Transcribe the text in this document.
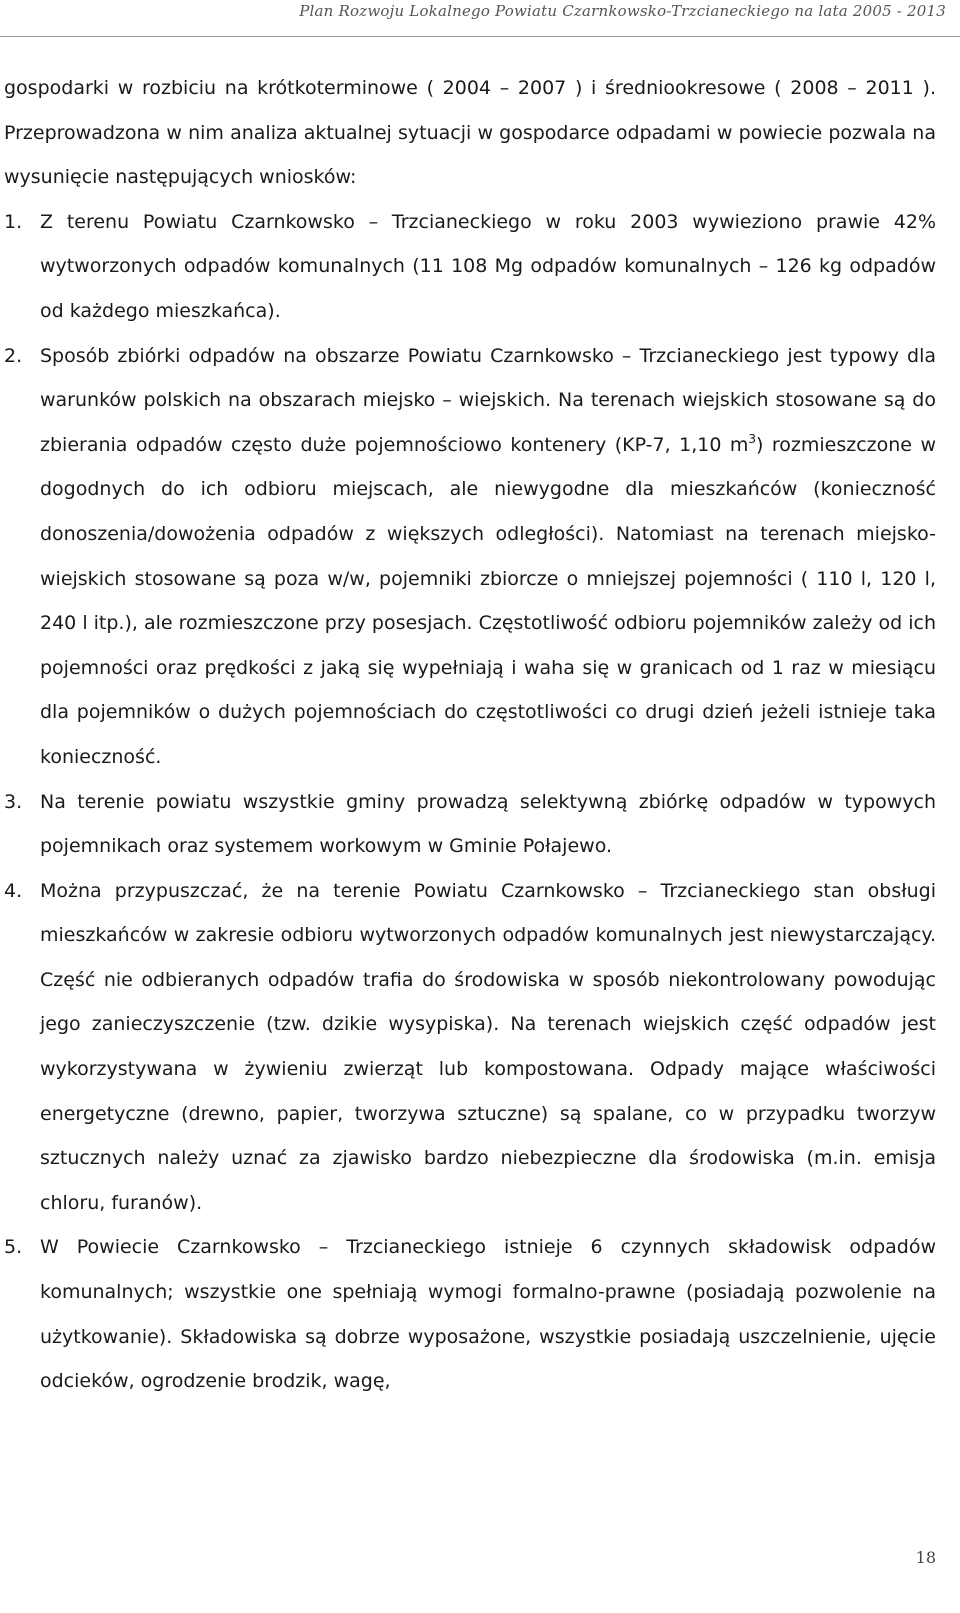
Plan Rozwoju Lokalnego Powiatu Czarnkowsko-Trzcianeckiego na lata 2005 - 2013

gospodarki w rozbiciu na krótkoterminowe ( 2004 – 2007 ) i średniookresowe ( 2008 – 2011 ). Przeprowadzona w nim analiza aktualnej sytuacji w gospodarce odpadami w powiecie pozwala na wysunięcie następujących wniosków:

1. Z terenu Powiatu Czarnkowsko – Trzcianeckiego w roku 2003 wywieziono prawie 42% wytworzonych odpadów komunalnych (11 108 Mg odpadów komunalnych – 126 kg odpadów od każdego mieszkańca).
2. Sposób zbiórki odpadów na obszarze Powiatu Czarnkowsko – Trzcianeckiego jest typowy dla warunków polskich na obszarach miejsko – wiejskich. Na terenach wiejskich stosowane są do zbierania odpadów często duże pojemnościowo kontenery (KP-7, 1,10 $m^3$) rozmieszczone w dogodnych do ich odbioru miejscach, ale niewygodne dla mieszkańców (konieczność donoszenia/dowożenia odpadów z większych odległości). Natomiast na terenach miejsko-wiejskich stosowane są poza w/w, pojemniki zbiorcze o mniejszej pojemności ( 110 l, 120 l, 240 l itp.), ale rozmieszczone przy posesjach. Częstotliwość odbioru pojemników zależy od ich pojemności oraz prędkości z jaką się wypełniają i waha się w granicach od 1 raz w miesiącu dla pojemników o dużych pojemnościach do częstotliwości co drugi dzień jeżeli istnieje taka konieczność.
3. Na terenie powiatu wszystkie gminy prowadzą selektywną zbiórkę odpadów w typowych pojemnikach oraz systemem workowym w Gminie Połajewo.
4. Można przypuszczać, że na terenie Powiatu Czarnkowsko – Trzcianeckiego stan obsługi mieszkańców w zakresie odbioru wytworzonych odpadów komunalnych jest niewystarczający. Część nie odbieranych odpadów trafia do środowiska w sposób niekontrolowany powodując jego zanieczyszczenie (tzw. dzikie wysypiska). Na terenach wiejskich część odpadów jest wykorzystywana w żywieniu zwierząt lub kompostowana. Odpady mające właściwości energetyczne (drewno, papier, tworzywa sztuczne) są spalane, co w przypadku tworzyw sztucznych należy uznać za zjawisko bardzo niebezpieczne dla środowiska (m.in. emisja chloru, furanów).
5. W Powiecie Czarnkowsko – Trzcianeckiego istnieje 6 czynnych składowisk odpadów komunalnych; wszystkie one spełniają wymogi formalno-prawne (posiadają pozwolenie na użytkowanie). Składowiska są dobrze wyposażone, wszystkie posiadają uszczelnienie, ujęcie odcieków, ogrodzenie brodzik, wagę,
18
